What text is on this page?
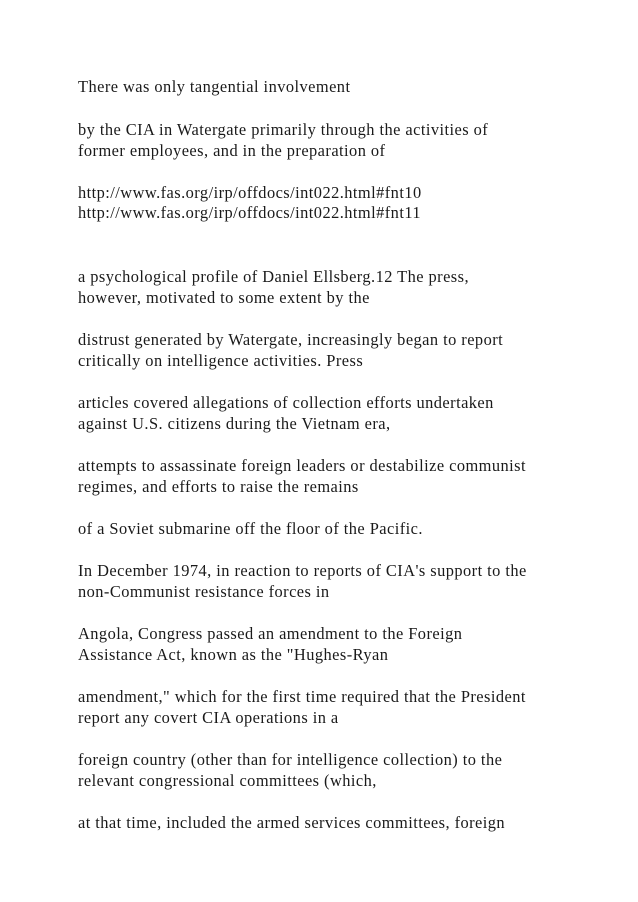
There was only tangential involvement
by the CIA in Watergate primarily through the activities of
former employees, and in the preparation of
http://www.fas.org/irp/offdocs/int022.html#fnt10
http://www.fas.org/irp/offdocs/int022.html#fnt11
a psychological profile of Daniel Ellsberg.12 The press,
however, motivated to some extent by the
distrust generated by Watergate, increasingly began to report
critically on intelligence activities. Press
articles covered allegations of collection efforts undertaken
against U.S. citizens during the Vietnam era,
attempts to assassinate foreign leaders or destabilize communist
regimes, and efforts to raise the remains
of a Soviet submarine off the floor of the Pacific.
In December 1974, in reaction to reports of CIA's support to the
non-Communist resistance forces in
Angola, Congress passed an amendment to the Foreign
Assistance Act, known as the "Hughes-Ryan
amendment," which for the first time required that the President
report any covert CIA operations in a
foreign country (other than for intelligence collection) to the
relevant congressional committees (which,
at that time, included the armed services committees, foreign
